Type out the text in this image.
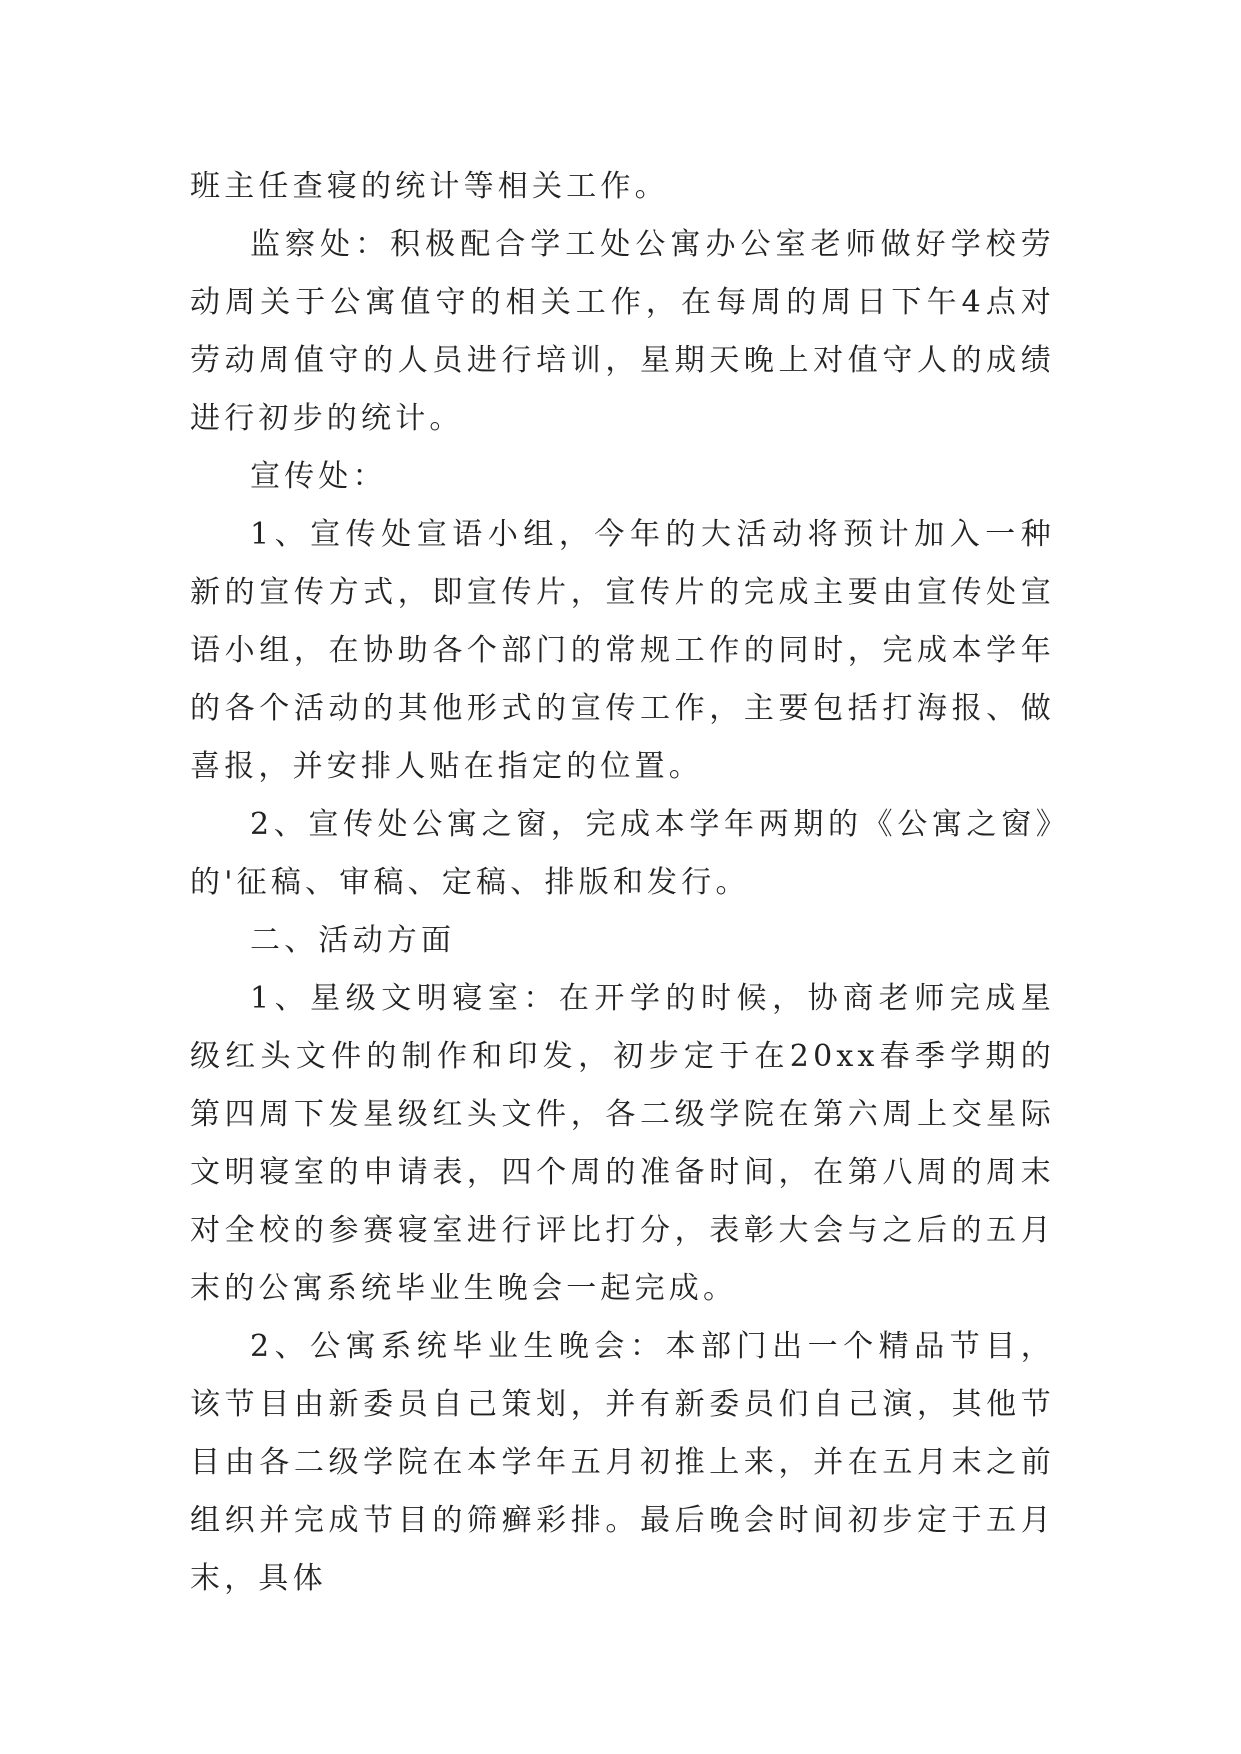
班主任查寝的统计等相关工作。

监察处：积极配合学工处公寓办公室老师做好学校劳动周关于公寓值守的相关工作，在每周的周日下午4点对劳动周值守的人员进行培训，星期天晚上对值守人的成绩进行初步的统计。

宣传处：

1、宣传处宣语小组，今年的大活动将预计加入一种新的宣传方式，即宣传片，宣传片的完成主要由宣传处宣语小组，在协助各个部门的常规工作的同时，完成本学年的各个活动的其他形式的宣传工作，主要包括打海报、做喜报，并安排人贴在指定的位置。

2、宣传处公寓之窗，完成本学年两期的《公寓之窗》的'征稿、审稿、定稿、排版和发行。

二、活动方面

1、星级文明寝室：在开学的时候，协商老师完成星级红头文件的制作和印发，初步定于在20xx春季学期的第四周下发星级红头文件，各二级学院在第六周上交星际文明寝室的申请表，四个周的准备时间，在第八周的周末对全校的参赛寝室进行评比打分，表彰大会与之后的五月末的公寓系统毕业生晚会一起完成。

2、公寓系统毕业生晚会：本部门出一个精品节目，该节目由新委员自己策划，并有新委员们自己演，其他节目由各二级学院在本学年五月初推上来，并在五月末之前组织并完成节目的筛癣彩排。最后晚会时间初步定于五月末，具体
